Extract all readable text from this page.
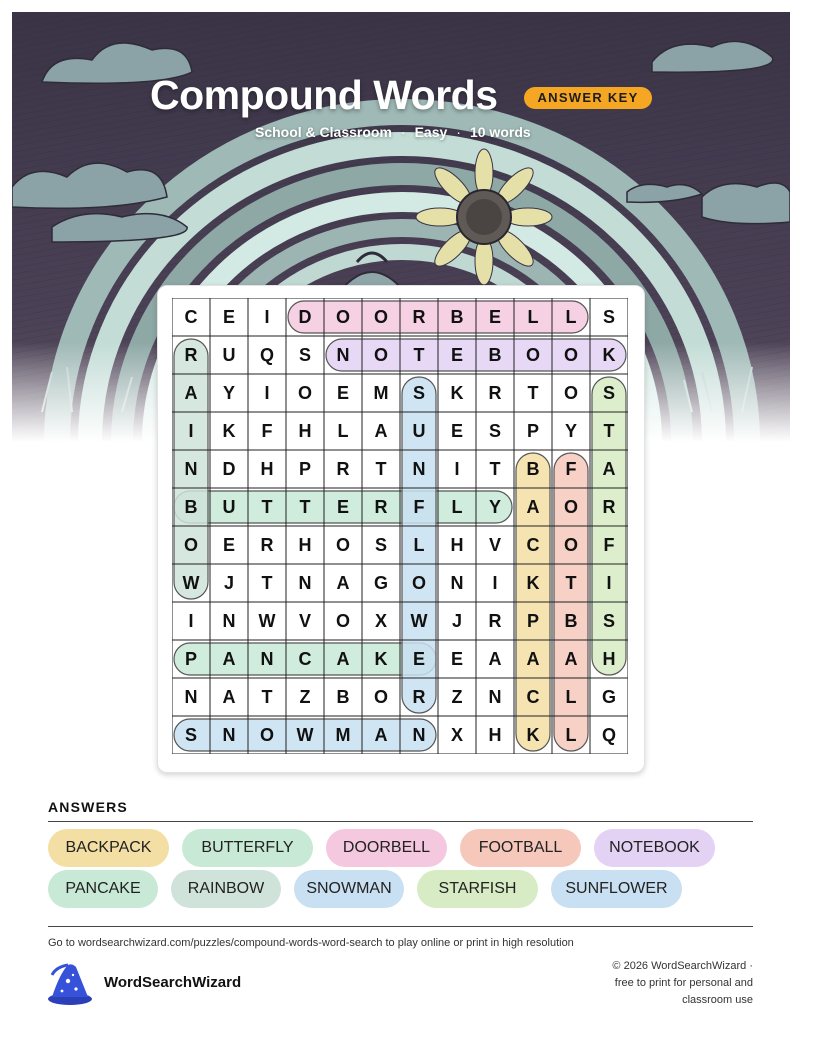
Compound Words	ANSWER KEY
School & Classroom · Easy · 10 words
C	E	I	D	O	O	R	B	E	L	L	S
R	U	Q	S	N	O	T	E	B	O	O	K
A	Y	I	O	E	M	S	K	R	T	O	S
I	K	F	H	L	A	U	E	S	P	Y	T
N	D	H	P	R	T	N	I	T	B	F	A
B	U	T	T	E	R	F	L	Y	A	O	R
O	E	R	H	O	S	L	H	V	C	O	F
W	J	T	N	A	G	O	N	I	K	T	I
I	N	W	V	O	X	W	J	R	P	B	S
P	A	N	C	A	K	E	E	A	A	A	H
N	A	T	Z	B	O	R	Z	N	C	L	G
S	N	O	W	M	A	N	X	H	K	L	Q
ANSWERS
BACKPACK	BUTTERFLY	DOORBELL	FOOTBALL	NOTEBOOK
PANCAKE	RAINBOW	SNOWMAN	STARFISH	SUNFLOWER
Go to wordsearchwizard.com/puzzles/compound-words-word-search to play online or print in high resolution
WordSearchWizard
© 2026 WordSearchWizard ·
free to print for personal and
classroom use
